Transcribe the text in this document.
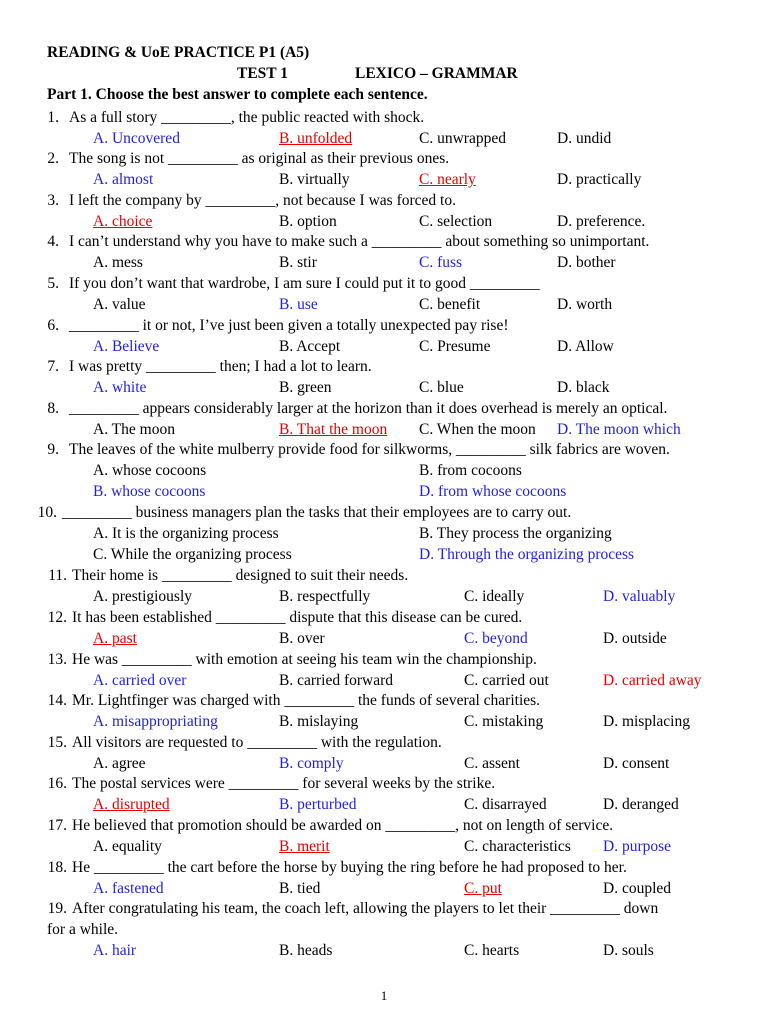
READING & UoE PRACTICE P1 (A5)
TEST 1	LEXICO – GRAMMAR
Part 1. Choose the best answer to complete each sentence.
1. As a full story _________, the public reacted with shock.
A. Uncovered	B. unfolded	C. unwrapped	D. undid
2. The song is not _________ as original as their previous ones.
A. almost	B. virtually	C. nearly	D. practically
3. I left the company by _________, not because I was forced to.
A. choice	B. option	C. selection	D. preference.
4. I can’t understand why you have to make such a _________ about something so unimportant.
A. mess	B. stir	C. fuss	D. bother
5. If you don’t want that wardrobe, I am sure I could put it to good _________
A. value	B. use	C. benefit	D. worth
6. _________ it or not, I’ve just been given a totally unexpected pay rise!
A. Believe	B. Accept	C. Presume	D. Allow
7. I was pretty _________ then; I had a lot to learn.
A. white	B. green	C. blue	D. black
8. _________ appears considerably larger at the horizon than it does overhead is merely an optical.
A. The moon	B. That the moon C. When the moon D. The moon which
9. The leaves of the white mulberry provide food for silkworms, _________ silk fabrics are woven.
A. whose cocoons	B. from cocoons
B. whose cocoons	D. from whose cocoons
10. _________ business managers plan the tasks that their employees are to carry out.
A. It is the organizing process	B. They process the organizing
C. While the organizing process	D. Through the organizing process
11. Their home is _________ designed to suit their needs.
A. prestigiously	B. respectfully	C. ideally	D. valuably
12. It has been established _________ dispute that this disease can be cured.
A. past	B. over	C. beyond	D. outside
13. He was _________ with emotion at seeing his team win the championship.
A. carried over	B. carried forward	C. carried out	D. carried away
14. Mr. Lightfinger was charged with _________ the funds of several charities.
A. misappropriating	B. mislaying	C. mistaking	D. misplacing
15. All visitors are requested to _________ with the regulation.
A. agree	B. comply	C. assent	D. consent
16. The postal services were _________ for several weeks by the strike.
A. disrupted	B. perturbed	C. disarrayed	D. deranged
17. He believed that promotion should be awarded on _________, not on length of service.
A. equality	B. merit	C. characteristics D. purpose
18. He _________ the cart before the horse by buying the ring before he had proposed to her.
A. fastened	B. tied	C. put	D. coupled
19. After congratulating his team, the coach left, allowing the players to let their _________ down
for a while.
A. hair	B. heads	C. hearts	D. souls
1
